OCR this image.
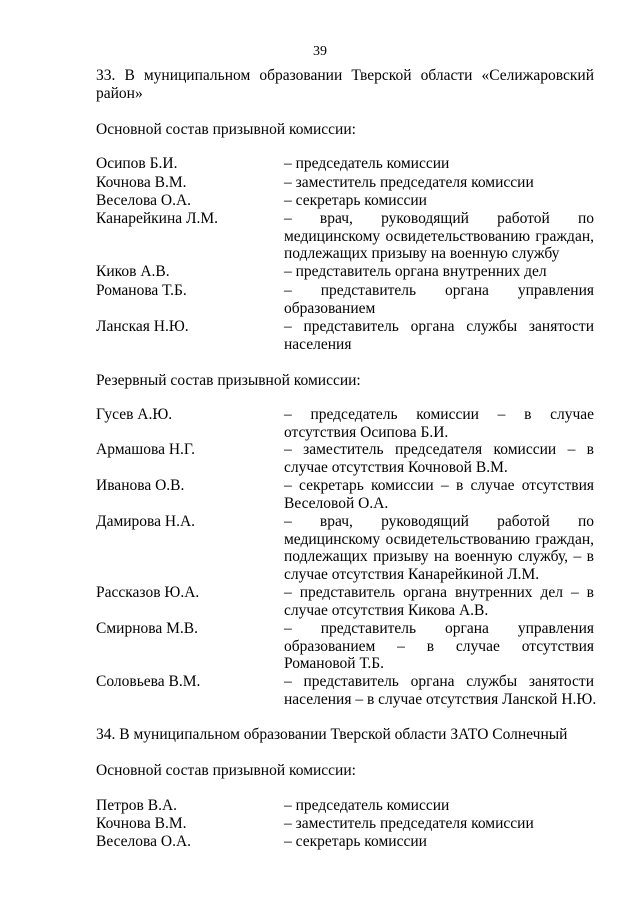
39
33. В муниципальном образовании Тверской области «Селижаровский
район»
Основной состав призывной комиссии:
Осипов Б.И.	– председатель комиссии
Кочнова В.М.	– заместитель председателя комиссии
Веселова О.А.	– секретарь комиссии
Канарейкина Л.М.	– врач, руководящий работой по
медицинскому освидетельствованию граждан,
подлежащих призыву на военную службу
Киков А.В.	– представитель органа внутренних дел
Романова Т.Б.	– представитель органа управления
образованием
Ланская Н.Ю.	– представитель органа службы занятости
населения
Резервный состав призывной комиссии:
Гусев А.Ю.	– председатель комиссии – в случае
отсутствия Осипова Б.И.
Армашова Н.Г.	– заместитель председателя комиссии – в
случае отсутствия Кочновой В.М.
Иванова О.В.	– секретарь комиссии – в случае отсутствия
Веселовой О.А.
Дамирова Н.А.	– врач, руководящий работой по
медицинскому освидетельствованию граждан,
подлежащих призыву на военную службу, – в
случае отсутствия Канарейкиной Л.М.
Рассказов Ю.А.	– представитель органа внутренних дел – в
случае отсутствия Кикова А.В.
Смирнова М.В.	– представитель органа управления
образованием – в случае отсутствия
Романовой Т.Б.
Соловьева В.М.	– представитель органа службы занятости
населения – в случае отсутствия Ланской Н.Ю.
34. В муниципальном образовании Тверской области ЗАТО Солнечный
Основной состав призывной комиссии:
Петров В.А.	– председатель комиссии
Кочнова В.М.	– заместитель председателя комиссии
Веселова О.А.	– секретарь комиссии
